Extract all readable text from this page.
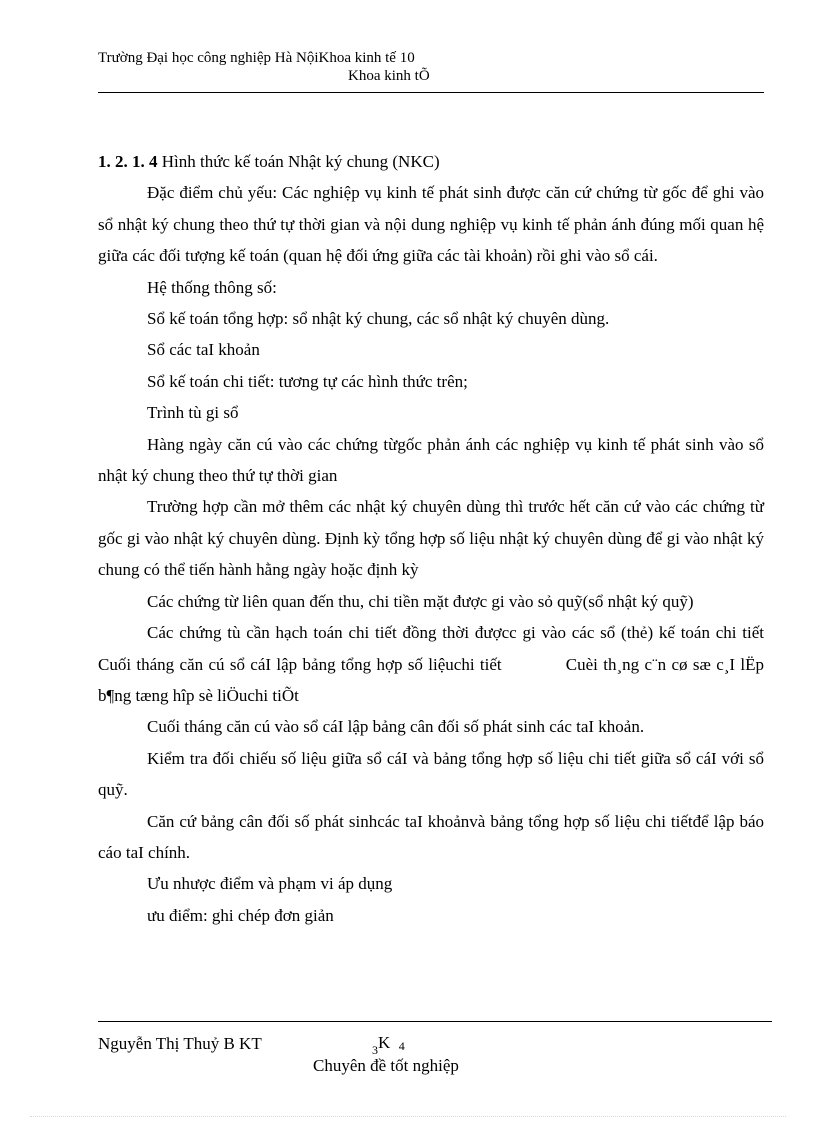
Trường Đại học công nghiệp Hà NộiKhoa kinh tế 10
Khoa kinh tÕ

1. 2. 1. 4 Hình thức kế toán Nhật ký chung (NKC)

Đặc điểm chủ yếu: Các nghiệp vụ kinh tế phát sinh được căn cứ chứng từ gốc để ghi vào sổ nhật ký chung theo thứ tự thời gian và nội dung nghiệp vụ kinh tế phản ánh đúng mối quan hệ giữa các đối tượng kế toán (quan hệ đối ứng giữa các tài khoản) rồi ghi vào sổ cái.

Hệ thống thông số:

Sổ kế toán tổng hợp: sổ nhật ký chung, các sổ nhật ký chuyên dùng.

Sổ các taI khoản

Sổ kế toán chi tiết: tương tự các hình thức trên;

Trình tù gi sổ

Hàng ngày căn cú vào các chứng từgốc phản ánh các nghiệp vụ kinh tế phát sinh vào sổ nhật ký chung theo thứ tự thời gian

Trường hợp cần mở thêm các nhật ký chuyên dùng thì trước hết căn cứ vào các chứng từ gốc gi vào nhật ký chuyên dùng. Định kỳ tổng hợp số liệu nhật ký chuyên dùng để gi vào nhật ký chung có thể tiến hành hằng ngày hoặc định kỳ

Các chứng từ liên quan đến thu, chi tiền mặt được gi vào sỏ quỹ(sổ nhật ký quỹ)

Các chứng tù cần hạch toán chi tiết đồng thời đượcc gi vào các sổ (thẻ) kế toán chi tiết Cuối tháng căn cú sổ cáI lập bảng tổng hợp số liệuchi tiết	Cuèi th¸ng c¨n cø sæ c¸I lËp b¶ng tæng hîp sè liÖuchi tiÕt

Cuối tháng căn cú vào sổ cáI lập bảng cân đối số phát sinh các taI khoản.

Kiểm tra đối chiếu số liệu giữa sổ cáI và bảng tổng hợp số liệu chi tiết giữa sổ cáI với sổ quỹ.

Căn cứ bảng cân đối số phát sinhcác taI khoảnvà bảng tổng hợp số liệu chi tiếtđể lập báo cáo taI chính.

Ưu nhược điểm và phạm vi áp dụng

ưu điểm: ghi chép đơn giản

Nguyễn Thị Thuỷ B KT	$_3$K 4
Chuyên đề tốt nghiệp
